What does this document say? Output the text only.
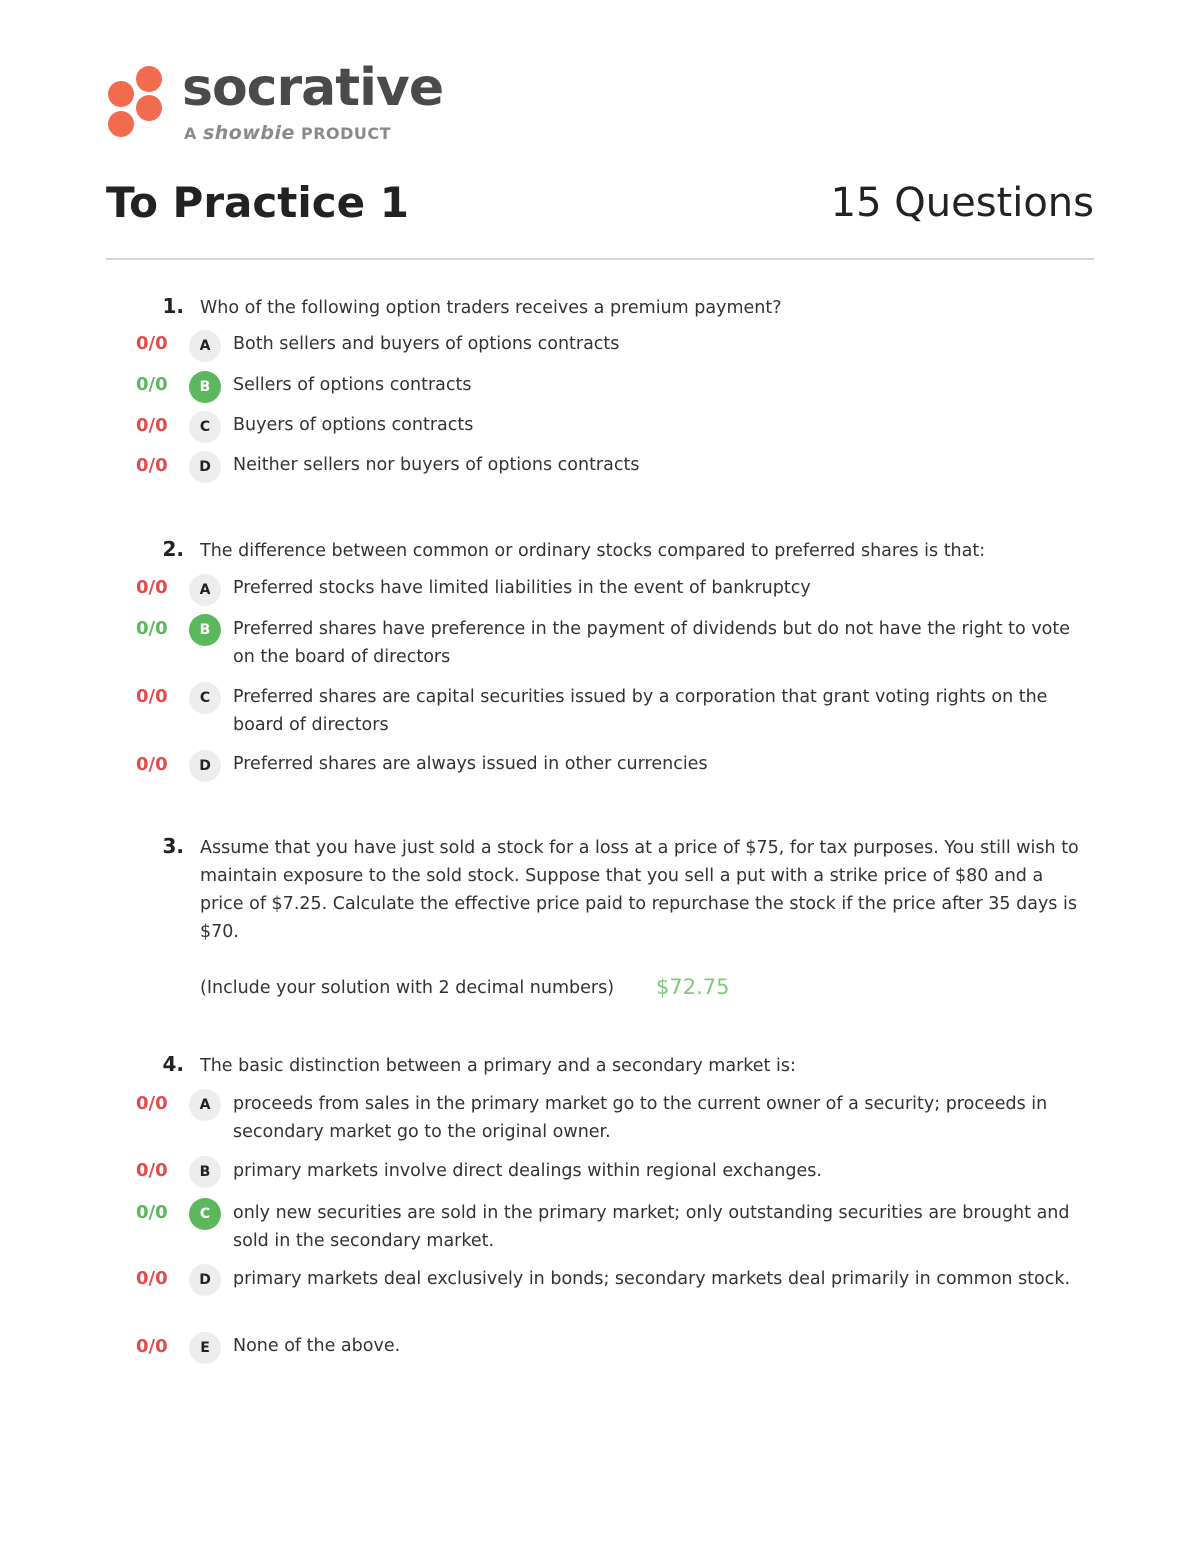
socrative
A showbie PRODUCT
To Practice 1	15 Questions
1. Who of the following option traders receives a premium payment?
0/0	A	Both sellers and buyers of options contracts
0/0	B	Sellers of options contracts
0/0	C	Buyers of options contracts
0/0	D	Neither sellers nor buyers of options contracts
2. The difference between common or ordinary stocks compared to preferred shares is that:
0/0	A	Preferred stocks have limited liabilities in the event of bankruptcy
0/0	B	Preferred shares have preference in the payment of dividends but do not have the right to vote on the board of directors
0/0	C	Preferred shares are capital securities issued by a corporation that grant voting rights on the board of directors
0/0	D	Preferred shares are always issued in other currencies
3. Assume that you have just sold a stock for a loss at a price of $75, for tax purposes. You still wish to maintain exposure to the sold stock. Suppose that you sell a put with a strike price of $80 and a price of $7.25. Calculate the effective price paid to repurchase the stock if the price after 35 days is $70.
(Include your solution with 2 decimal numbers)	$72.75
4. The basic distinction between a primary and a secondary market is:
0/0	A	proceeds from sales in the primary market go to the current owner of a security; proceeds in secondary market go to the original owner.
0/0	B	primary markets involve direct dealings within regional exchanges.
0/0	C	only new securities are sold in the primary market; only outstanding securities are brought and sold in the secondary market.
0/0	D	primary markets deal exclusively in bonds; secondary markets deal primarily in common stock.
0/0	E	None of the above.
